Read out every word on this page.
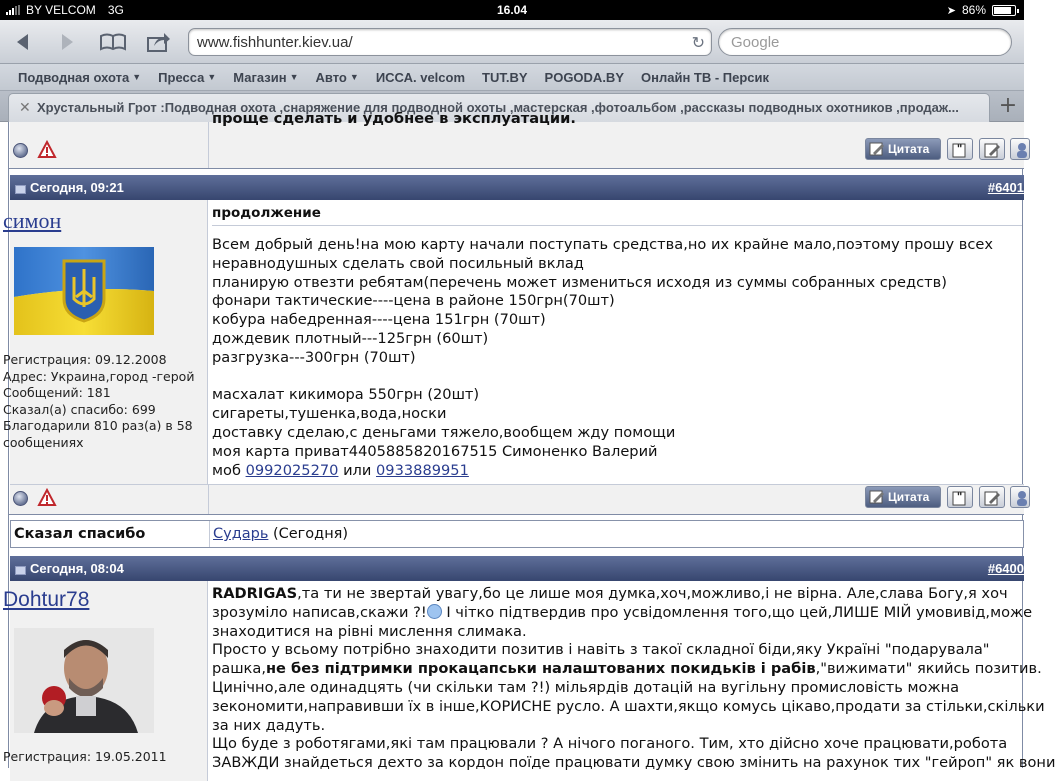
BY VELCOM 3G	16.04	➤ 86%
www.fishhunter.kiev.ua/	↻	Google
Подводная охота ▼ Пресса ▼ Магазин ▼ Авто ▼ ИССА. velcom TUT.BY POGODA.BY Онлайн ТВ - Персик
✕ Хрустальный Грот :Подводная охота ,снаряжение для подводной охоты ,мастерская ,фотоальбом ,рассказы подводных охотников ,продаж...	+
проще сделать и удобнее в эксплуатации.
Цитата	"
Сегодня, 09:21	#6401
симон
Регистрация: 09.12.2008
Адрес: Украина,город -герой
Сообщений: 181
Сказал(а) спасибо: 699
Благодарили 810 раз(а) в 58 сообщениях
продолжение
Всем добрый день!на мою карту начали поступать средства,но их крайне мало,поэтому прошу всех
неравнодушных сделать свой посильный вклад
планирую отвезти ребятам(перечень может измениться исходя из суммы собранных средств)
фонари тактические----цена в районе 150грн(70шт)
кобура набедренная----цена 151грн (70шт)
дождевик плотный---125грн (60шт)
разгрузка---300грн (70шт)
масхалат кикимора 550грн (20шт)
сигареты,тушенка,вода,носки
доставку сделаю,с деньгами тяжело,вообщем жду помощи
моя карта приват4405885820167515 Симоненко Валерий
моб 0992025270 или 0933889951
Цитата	"
Сказал спасибо	Сударь (Сегодня)
Сегодня, 08:04	#6400
Dohtur78
Регистрация: 19.05.2011
RADRIGAS,та ти не звертай увагу,бо це лише моя думка,хоч,можливо,і не вірна. Але,слава Богу,я хоч
зрозуміло написав,скажи ?! І чітко підтвердив про усвідомлення того,що цей,ЛИШЕ МІЙ умовивід,може
знаходитися на рівні мислення слимака.
Просто у всьому потрібно знаходити позитив і навіть з такої складної біди,яку Україні "подарувала"
рашка,не без підтримки прокацапськи налаштованих покидьків і рабів,"вижимати" якийсь позитив.
Цинічно,але одинадцять (чи скільки там ?!) мільярдів дотацій на вугільну промисловість можна
зекономити,направивши їх в інше,КОРИСНЕ русло. А шахти,якщо комусь цікаво,продати за стільки,скільки
за них дадуть.
Що буде з роботягами,які там працювали ? А нічого поганого. Тим, хто дійсно хоче працювати,робота
ЗАВЖДИ знайдеться дехто за кордон поїде працювати думку свою змінить на рахунок тих "гейроп" як вони
